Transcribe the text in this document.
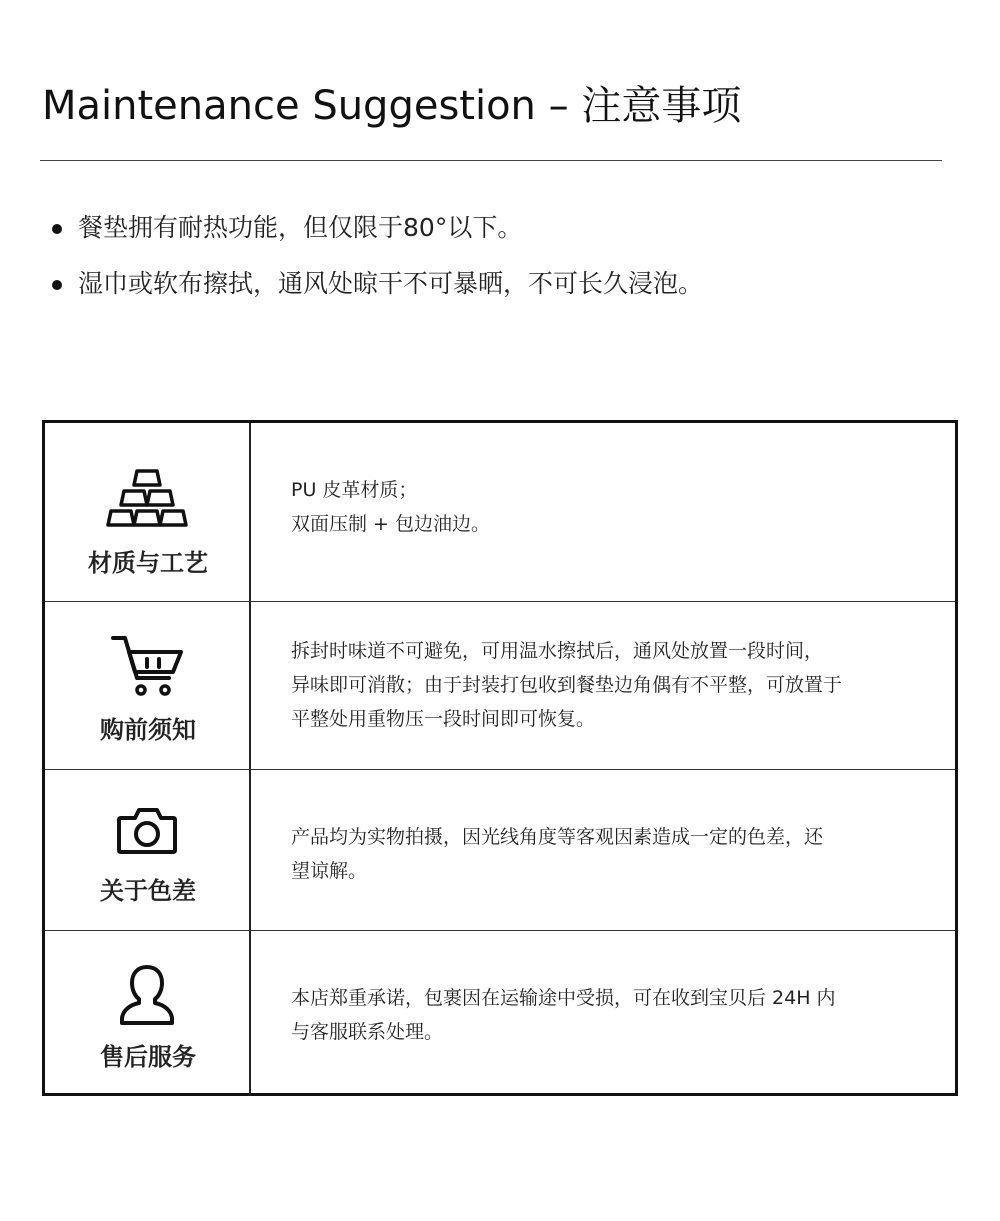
Maintenance Suggestion – 注意事项
餐垫拥有耐热功能，但仅限于80°以下。
湿巾或软布擦拭，通风处晾干不可暴晒，不可长久浸泡。
材质与工艺

PU 皮革材质；

双面压制 + 包边油边。

购前须知

拆封时味道不可避免，可用温水擦拭后，通风处放置一段时间，

异味即可消散；由于封装打包收到餐垫边角偶有不平整，可放置于

平整处用重物压一段时间即可恢复。

关于色差

产品均为实物拍摄，因光线角度等客观因素造成一定的色差，还

望谅解。

售后服务

本店郑重承诺，包裹因在运输途中受损，可在收到宝贝后 24H 内

与客服联系处理。
